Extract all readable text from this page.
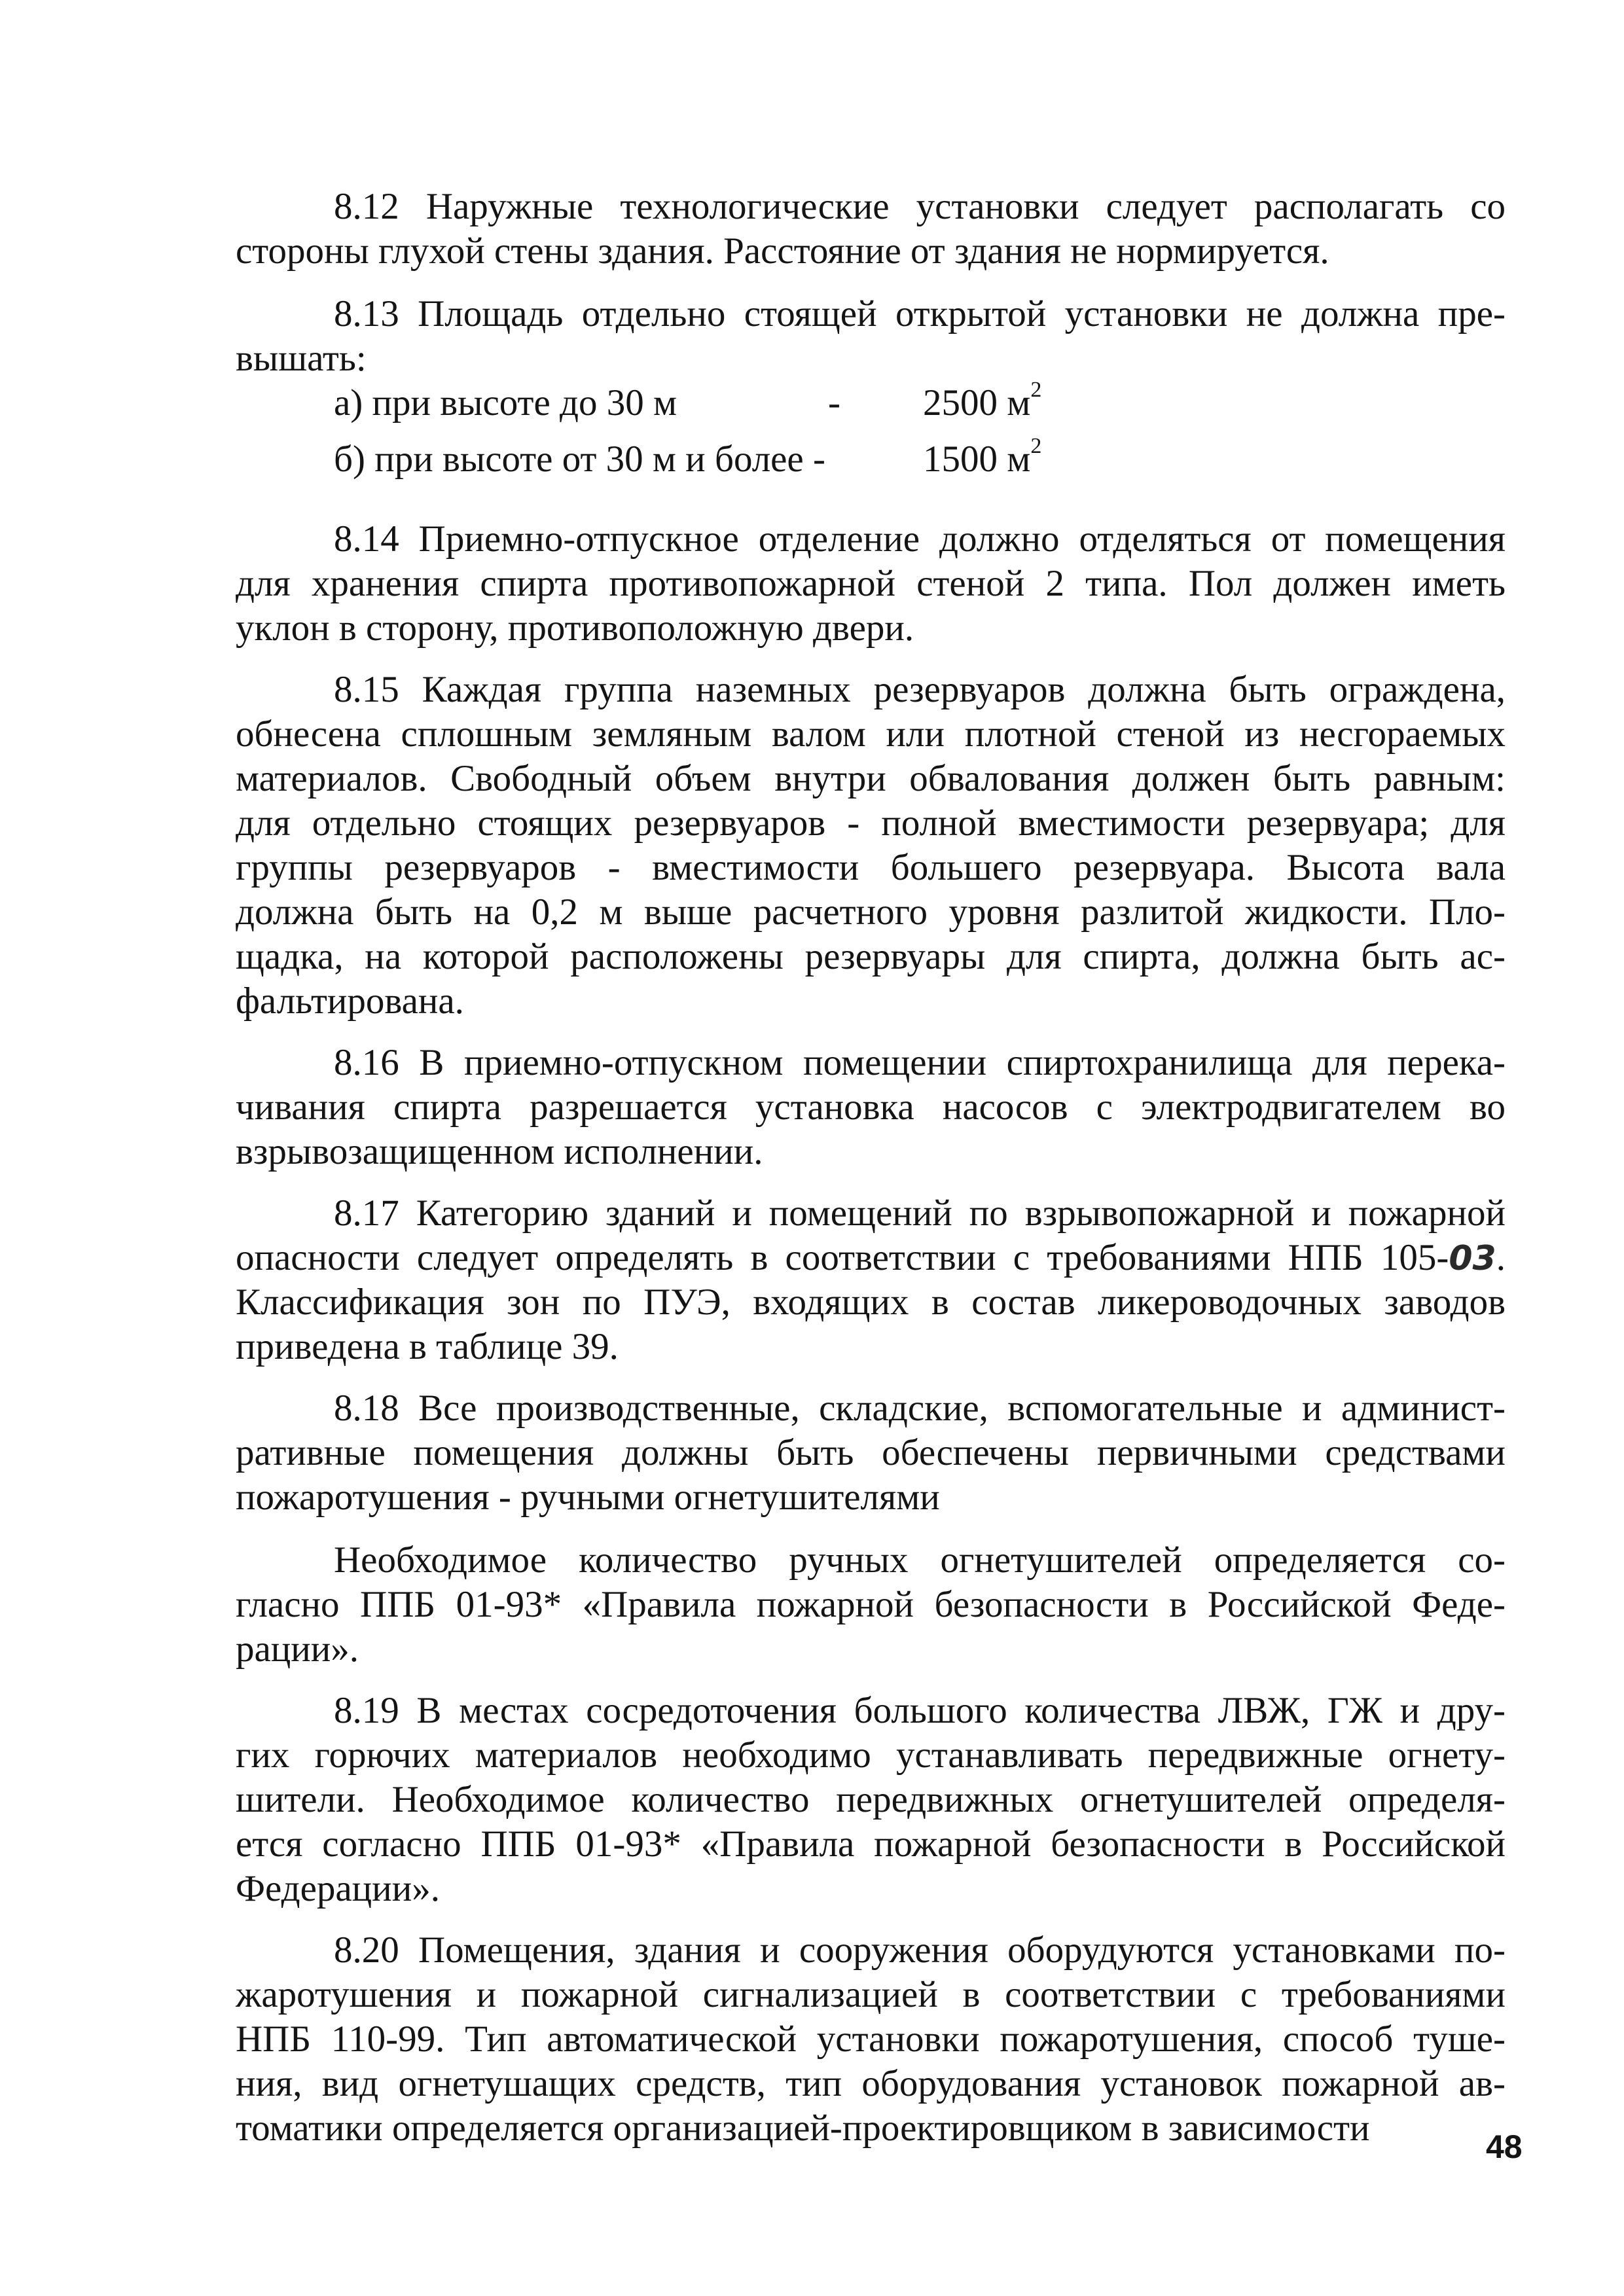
8.12 Наружные технологические установки следует располагать со
стороны глухой стены здания. Расстояние от здания не нормируется.
8.13 Площадь отдельно стоящей открытой установки не должна пре-
вышать:
а) при высоте до 30 м	- 2500 $м^2$
б) при высоте от 30 м и более -	1500 $м^2$
8.14 Приемно-отпускное отделение должно отделяться от помещения
для хранения спирта противопожарной стеной 2 типа. Пол должен иметь
уклон в сторону, противоположную двери.
8.15 Каждая группа наземных резервуаров должна быть ограждена,
обнесена сплошным земляным валом или плотной стеной из несгораемых
материалов. Свободный объем внутри обвалования должен быть равным:
для отдельно стоящих резервуаров - полной вместимости резервуара; для
группы резервуаров - вместимости большего резервуара. Высота вала
должна быть на 0,2 м выше расчетного уровня разлитой жидкости. Пло-
щадка, на которой расположены резервуары для спирта, должна быть ас-
фальтирована.
8.16 В приемно-отпускном помещении спиртохранилища для перека-
чивания спирта разрешается установка насосов с электродвигателем во
взрывозащищенном исполнении.
8.17 Категорию зданий и помещений по взрывопожарной и пожарной
опасности следует определять в соответствии с требованиями НПБ 105-03.
Классификация зон по ПУЭ, входящих в состав ликероводочных заводов
приведена в таблице 39.
8.18 Все производственные, складские, вспомогательные и админист-
ративные помещения должны быть обеспечены первичными средствами
пожаротушения - ручными огнетушителями
Необходимое количество ручных огнетушителей определяется со-
гласно ППБ 01-93* «Правила пожарной безопасности в Российской Феде-
рации».
8.19 В местах сосредоточения большого количества ЛВЖ, ГЖ и дру-
гих горючих материалов необходимо устанавливать передвижные огнету-
шители. Необходимое количество передвижных огнетушителей определя-
ется согласно ППБ 01-93* «Правила пожарной безопасности в Российской
Федерации».
8.20 Помещения, здания и сооружения оборудуются установками по-
жаротушения и пожарной сигнализацией в соответствии с требованиями
НПБ 110-99. Тип автоматической установки пожаротушения, способ туше-
ния, вид огнетушащих средств, тип оборудования установок пожарной ав-
томатики определяется организацией-проектировщиком в зависимости	48
